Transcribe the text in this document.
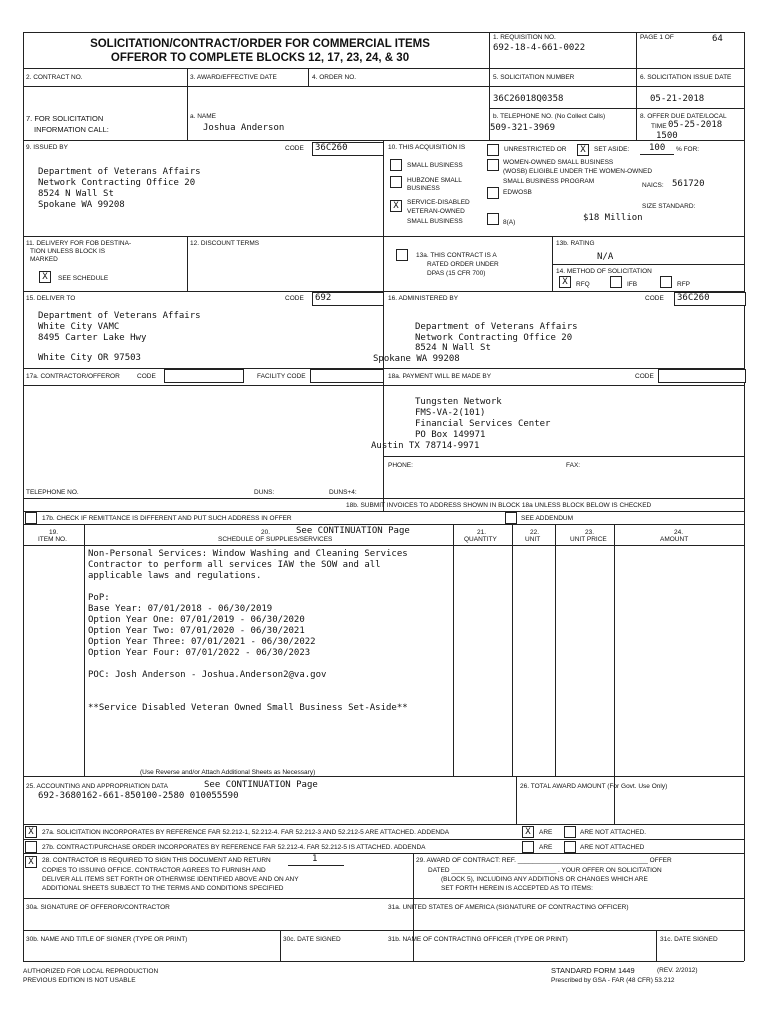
SOLICITATION/CONTRACT/ORDER FOR COMMERCIAL ITEMS
OFFEROR TO COMPLETE BLOCKS 12, 17, 23, 24, & 30
1. REQUISITION NO.
692-18-4-661-0022
PAGE 1 OF	64
2. CONTRACT NO.	3. AWARD/EFFECTIVE DATE	4. ORDER NO.	5. SOLICITATION NUMBER
36C26018Q0358
6. SOLICITATION ISSUE DATE
05-21-2018
7. FOR SOLICITATION
INFORMATION CALL:
a. NAME
Joshua Anderson
b. TELEPHONE NO. (No Collect Calls)
509-321-3969
8. OFFER DUE DATE/LOCAL
TIME 05-25-2018
1500
9. ISSUED BY	CODE 36C260
Department of Veterans Affairs
Network Contracting Office 20
8524 N Wall St
Spokane WA 99208
10. THIS ACQUISITION IS	UNRESTRICTED OR	X	SET ASIDE: 100 % FOR:
SMALL BUSINESS
HUBZONE SMALL
BUSINESS
X	SERVICE-DISABLED
VETERAN-OWNED
SMALL BUSINESS
WOMEN-OWNED SMALL BUSINESS
(WOSB) ELIGIBLE UNDER THE WOMEN-OWNED
SMALL BUSINESS PROGRAM
EDWOSB
8(A)
NAICS: 561720
SIZE STANDARD:
$18 Million
11. DELIVERY FOR FOB DESTINA-
TION UNLESS BLOCK IS
MARKED
X	SEE SCHEDULE
12. DISCOUNT TERMS
13a. THIS CONTRACT IS A
RATED ORDER UNDER
DPAS (15 CFR 700)
13b. RATING
N/A
14. METHOD OF SOLICITATION
X	RFQ	IFB	RFP
15. DELIVER TO	CODE 692
Department of Veterans Affairs
White City VAMC
8495 Carter Lake Hwy
White City OR 97503
16. ADMINISTERED BY	CODE 36C260
Department of Veterans Affairs
Network Contracting Office 20
8524 N Wall St
Spokane WA 99208
17a. CONTRACTOR/OFFEROR	CODE	FACILITY CODE	18a. PAYMENT WILL BE MADE BY	CODE
Tungsten Network
FMS-VA-2(101)
Financial Services Center
PO Box 149971
Austin TX 78714-9971
PHONE:	FAX:
TELEPHONE NO.	DUNS:	DUNS+4:
18b. SUBMIT INVOICES TO ADDRESS SHOWN IN BLOCK 18a UNLESS BLOCK BELOW IS CHECKED
17b. CHECK IF REMITTANCE IS DIFFERENT AND PUT SUCH ADDRESS IN OFFER	SEE ADDENDUM
19.
ITEM NO.
20.	See CONTINUATION Page
SCHEDULE OF SUPPLIES/SERVICES
21.
QUANTITY
22.
UNIT
23.
UNIT PRICE
24.
AMOUNT
Non-Personal Services: Window Washing and Cleaning Services
Contractor to perform all services IAW the SOW and all
applicable laws and regulations.

PoP:
Base Year: 07/01/2018 - 06/30/2019
Option Year One: 07/01/2019 - 06/30/2020
Option Year Two: 07/01/2020 - 06/30/2021
Option Year Three: 07/01/2021 - 06/30/2022
Option Year Four: 07/01/2022 - 06/30/2023

POC: Josh Anderson - Joshua.Anderson2@va.gov

**Service Disabled Veteran Owned Small Business Set-Aside**
(Use Reverse and/or Attach Additional Sheets as Necessary)
25. ACCOUNTING AND APPROPRIATION DATA	See CONTINUATION Page
692-3680162-661-850100-2580 010055590
26. TOTAL AWARD AMOUNT (For Govt. Use Only)
X	27a. SOLICITATION INCORPORATES BY REFERENCE FAR 52.212-1, 52.212-4. FAR 52.212-3 AND 52.212-5 ARE ATTACHED. ADDENDA	X	ARE	ARE NOT ATTACHED.
27b. CONTRACT/PURCHASE ORDER INCORPORATES BY REFERENCE FAR 52.212-4. FAR 52.212-5 IS ATTACHED. ADDENDA	ARE	ARE NOT ATTACHED
X	28. CONTRACTOR IS REQUIRED TO SIGN THIS DOCUMENT AND RETURN	1
COPIES TO ISSUING OFFICE. CONTRACTOR AGREES TO FURNISH AND
DELIVER ALL ITEMS SET FORTH OR OTHERWISE IDENTIFIED ABOVE AND ON ANY
ADDITIONAL SHEETS SUBJECT TO THE TERMS AND CONDITIONS SPECIFIED
29. AWARD OF CONTRACT: REF. ____________________________________ OFFER
DATED _____________________________ . YOUR OFFER ON SOLICITATION
(BLOCK 5), INCLUDING ANY ADDITIONS OR CHANGES WHICH ARE
SET FORTH HEREIN IS ACCEPTED AS TO ITEMS:
30a. SIGNATURE OF OFFEROR/CONTRACTOR	31a. UNITED STATES OF AMERICA (SIGNATURE OF CONTRACTING OFFICER)
30b. NAME AND TITLE OF SIGNER (TYPE OR PRINT)	30c. DATE SIGNED	31b. NAME OF CONTRACTING OFFICER (TYPE OR PRINT)	31c. DATE SIGNED
AUTHORIZED FOR LOCAL REPRODUCTION
PREVIOUS EDITION IS NOT USABLE
STANDARD FORM 1449	(REV. 2/2012)
Prescribed by GSA - FAR (48 CFR) 53.212
